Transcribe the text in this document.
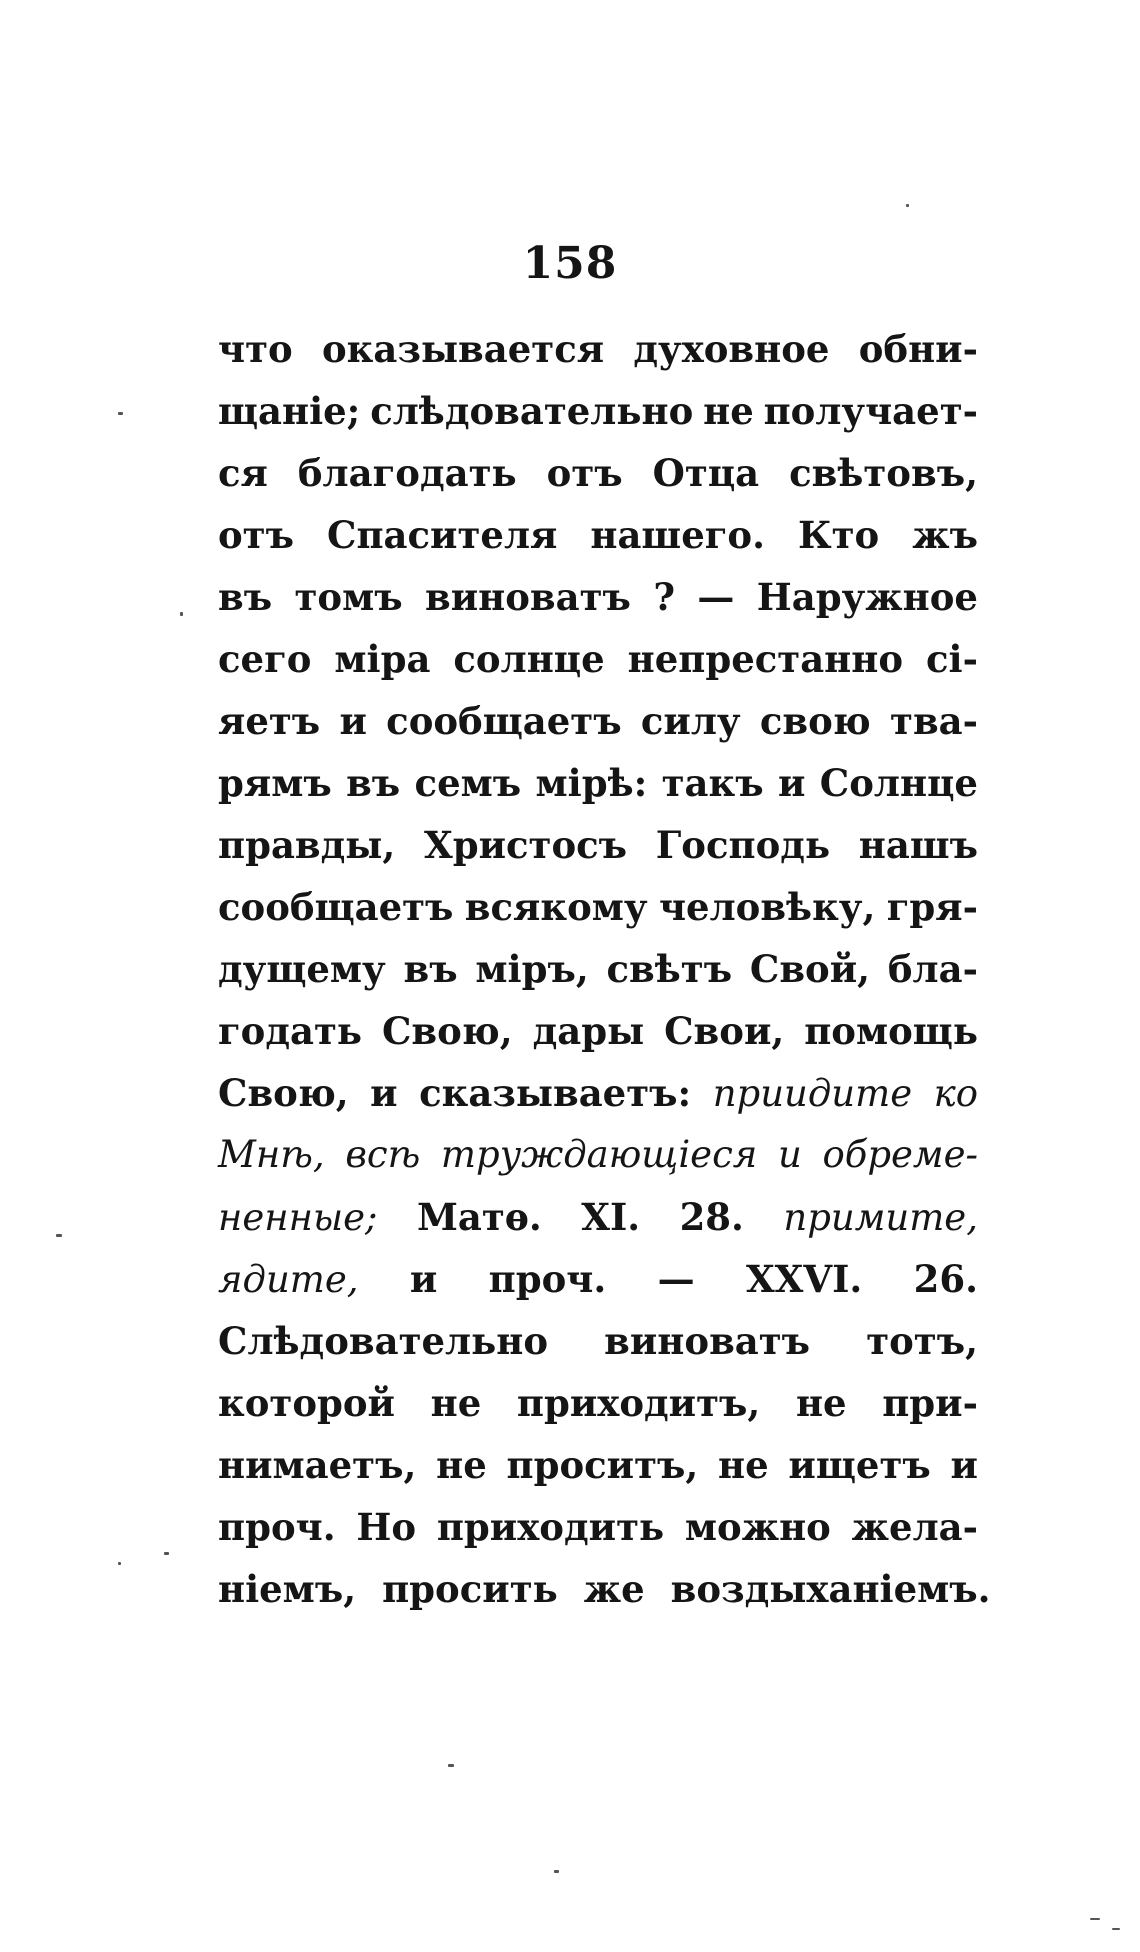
158
что оказывается духовное обни-
щаніе; слѣдовательно не получает-
ся благодать отъ Отца свѣтовъ,
отъ Спасителя нашего. Кто жъ
въ томъ виноватъ ? — Наружное
сего міра солнце непрестанно сі-
яетъ и сообщаетъ силу свою тва-
рямъ въ семъ мірѣ: такъ и Солнце
правды, Христосъ Господь нашъ
сообщаетъ всякому человѣку, гря-
дущему въ міръ, свѣтъ Свой, бла-
годать Свою, дары Свои, помощь
Свою, и сказываетъ: приидите ко
Мнѣ, всѣ труждающіеся и обреме-
ненные; Матѳ. XI. 28. примите,
ядите, и проч. — XXVI. 26.
Слѣдовательно виноватъ тотъ,
которой не приходитъ, не при-
нимаетъ, не проситъ, не ищетъ и
проч. Но приходить можно жела-
ніемъ, просить же воздыханіемъ.
